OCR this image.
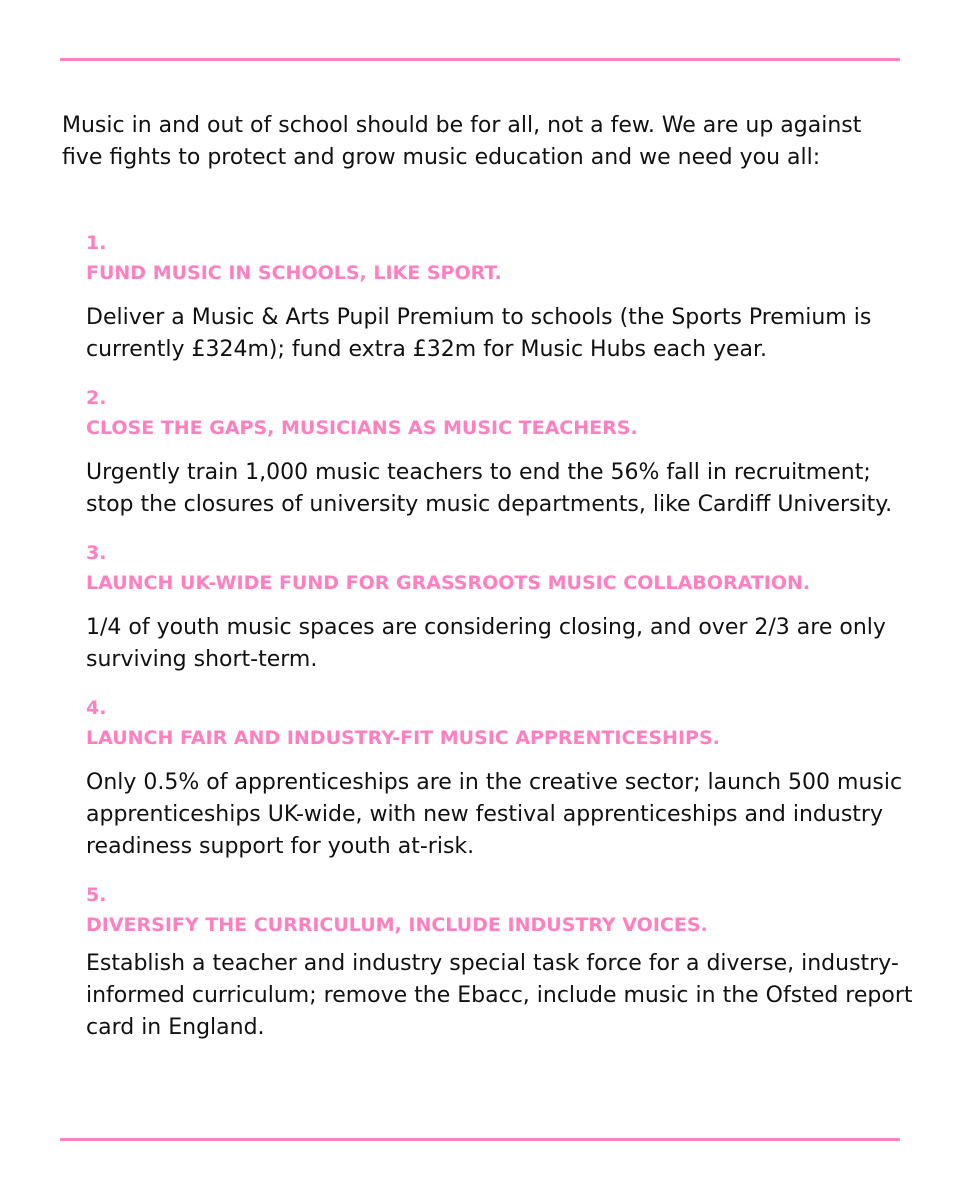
Music in and out of school should be for all, not a few. We are up against five fights to protect and grow music education and we need you all:

1.
FUND MUSIC IN SCHOOLS, LIKE SPORT.

Deliver a Music & Arts Pupil Premium to schools (the Sports Premium is currently £324m); fund extra £32m for Music Hubs each year.

2.
CLOSE THE GAPS, MUSICIANS AS MUSIC TEACHERS.

Urgently train 1,000 music teachers to end the 56% fall in recruitment; stop the closures of university music departments, like Cardiff University.

3.
LAUNCH UK-WIDE FUND FOR GRASSROOTS MUSIC COLLABORATION.

1/4 of youth music spaces are considering closing, and over 2/3 are only surviving short-term.

4.
LAUNCH FAIR AND INDUSTRY-FIT MUSIC APPRENTICESHIPS.

Only 0.5% of apprenticeships are in the creative sector; launch 500 music apprenticeships UK-wide, with new festival apprenticeships and industry readiness support for youth at-risk.

5.
DIVERSIFY THE CURRICULUM, INCLUDE INDUSTRY VOICES.

Establish a teacher and industry special task force for a diverse, industry-informed curriculum; remove the Ebacc, include music in the Ofsted report card in England.
